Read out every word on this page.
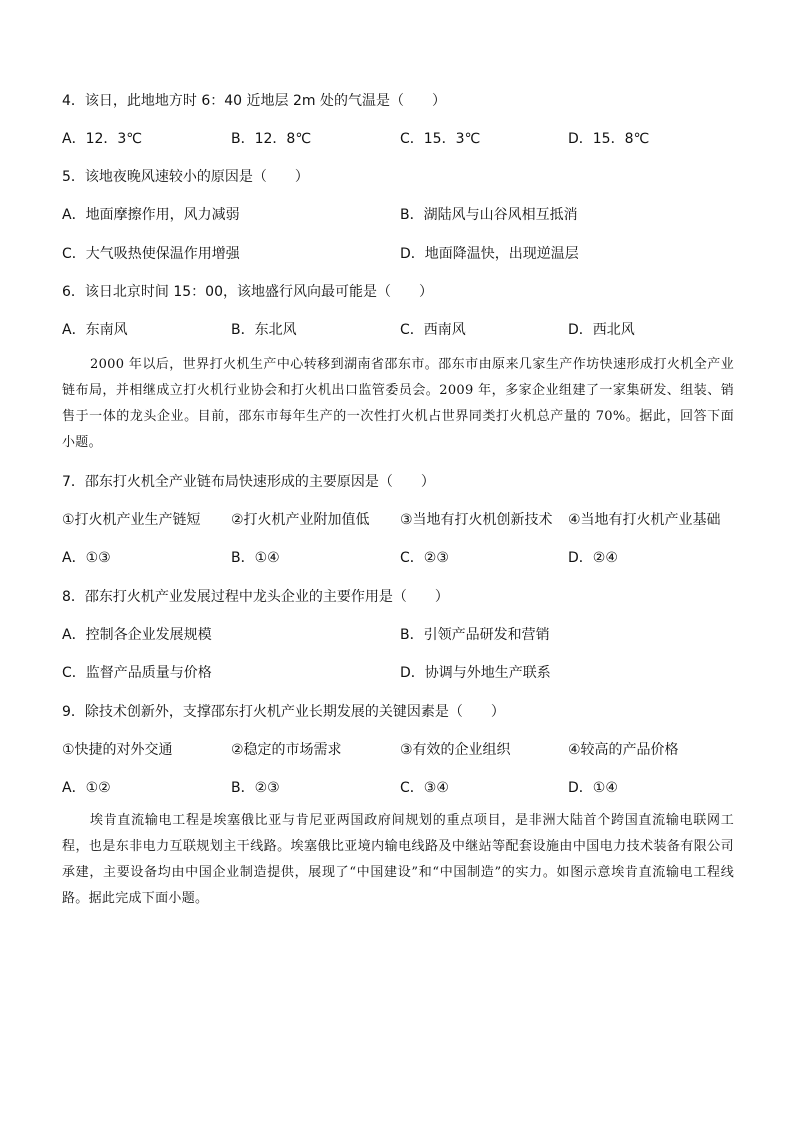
4．该日，此地地方时 6：40 近地层 2m 处的气温是（　　）
A．12．3℃	B．12．8℃	C．15．3℃	D．15．8℃
5．该地夜晚风速较小的原因是（　　）
A．地面摩擦作用，风力减弱	B．湖陆风与山谷风相互抵消
C．大气吸热使保温作用增强	D．地面降温快，出现逆温层
6．该日北京时间 15：00，该地盛行风向最可能是（　　）
A．东南风	B．东北风	C．西南风	D．西北风
2000 年以后，世界打火机生产中心转移到湖南省邵东市。邵东市由原来几家生产作坊快速形成打火机全产业链布局，并相继成立打火机行业协会和打火机出口监管委员会。2009 年，多家企业组建了一家集研发、组装、销售于一体的龙头企业。目前，邵东市每年生产的一次性打火机占世界同类打火机总产量的 70%。据此，回答下面小题。
7．邵东打火机全产业链布局快速形成的主要原因是（　　）
①打火机产业生产链短 ②打火机产业附加值低 ③当地有打火机创新技术 ④当地有打火机产业基础
A．①③	B．①④	C．②③	D．②④
8．邵东打火机产业发展过程中龙头企业的主要作用是（　　）
A．控制各企业发展规模	B．引领产品研发和营销
C．监督产品质量与价格	D．协调与外地生产联系
9．除技术创新外，支撑邵东打火机产业长期发展的关键因素是（　　）
①快捷的对外交通	②稳定的市场需求	③有效的企业组织	④较高的产品价格
A．①②	B．②③	C．③④	D．①④
埃肯直流输电工程是埃塞俄比亚与肯尼亚两国政府间规划的重点项目，是非洲大陆首个跨国直流输电联网工程，也是东非电力互联规划主干线路。埃塞俄比亚境内输电线路及中继站等配套设施由中国电力技术装备有限公司承建，主要设备均由中国企业制造提供，展现了“中国建设”和“中国制造”的实力。如图示意埃肯直流输电工程线路。据此完成下面小题。
